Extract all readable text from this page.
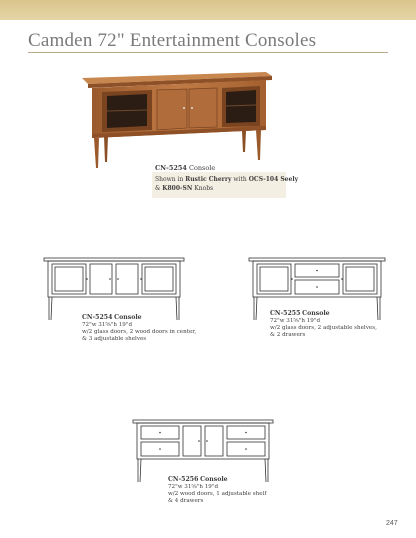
Camden 72" Entertainment Consoles
CN-5254 Console
Shown in Rustic Cherry with OCS-104 Seely
& K800-SN Knobs
CN-5254 Console
72"w 31⅝"h 19"d
w/2 glass doors, 2 wood doors in center,
& 3 adjustable shelves
CN-5255 Console
72"w 31⅝"h 19"d
w/2 glass doors, 2 adjustable shelves,
& 2 drawers
CN-5256 Console
72"w 31⅝"h 19"d
w/2 wood doors, 1 adjustable shelf
& 4 drawers
247
